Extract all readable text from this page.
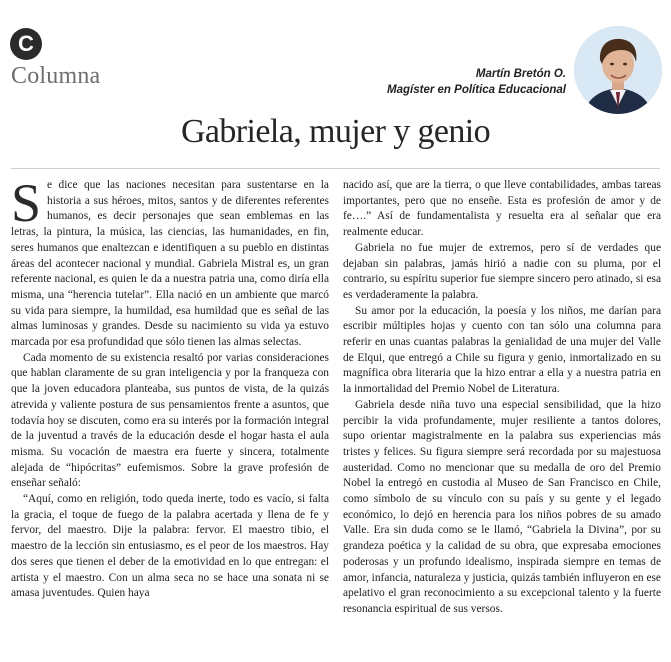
C
Columna	Martín Bretón O.
Magíster en Política Educacional
Gabriela, mujer y genio

Se dice que las naciones necesitan para sustentarse en la historia a sus héroes, mitos, santos y de diferentes referentes humanos, es decir personajes que sean emblemas en las letras, la pintura, la música, las ciencias, las humanidades, en fin, seres humanos que enaltezcan e identifiquen a su pueblo en distintas áreas del acontecer nacional y mundial. Gabriela Mistral es, un gran referente nacional, es quien le da a nuestra patria una, como diría ella misma, una “herencia tutelar”. Ella nació en un ambiente que marcó su vida para siempre, la humildad, esa humildad que es señal de las almas luminosas y grandes. Desde su nacimiento su vida ya estuvo marcada por esa profundidad que sólo tienen las almas selectas.

Cada momento de su existencia resaltó por varias consideraciones que hablan claramente de su gran inteligencia y por la franqueza con que la joven educadora planteaba, sus puntos de vista, de la quizás atrevida y valiente postura de sus pensamientos frente a asuntos, que todavía hoy se discuten, como era su interés por la formación integral de la juventud a través de la educación desde el hogar hasta el aula misma. Su vocación de maestra era fuerte y sincera, totalmente alejada de “hipócritas” eufemismos. Sobre la grave profesión de enseñar señaló:

“Aquí, como en religión, todo queda inerte, todo es vacío, si falta la gracia, el toque de fuego de la palabra acertada y llena de fe y fervor, del maestro. Dije la palabra: fervor. El maestro tibio, el maestro de la lección sin entusiasmo, es el peor de los maestros. Hay dos seres que tienen el deber de la emotividad en lo que entregan: el artista y el maestro. Con un alma seca no se hace una sonata ni se amasa juventudes. Quien haya

nacido así, que are la tierra, o que lleve contabilidades, ambas tareas importantes, pero que no enseñe. Esta es profesión de amor y de fe….” Así de fundamentalista y resuelta era al señalar que era realmente educar.

Gabriela no fue mujer de extremos, pero sí de verdades que dejaban sin palabras, jamás hirió a nadie con su pluma, por el contrario, su espíritu superior fue siempre sincero pero atinado, si esa es verdaderamente la palabra.

Su amor por la educación, la poesía y los niños, me darían para escribir múltiples hojas y cuento con tan sólo una columna para referir en unas cuantas palabras la genialidad de una mujer del Valle de Elqui, que entregó a Chile su figura y genio, inmortalizado en su magnífica obra literaria que la hizo entrar a ella y a nuestra patria en la inmortalidad del Premio Nobel de Literatura.

Gabriela desde niña tuvo una especial sensibilidad, que la hizo percibir la vida profundamente, mujer resiliente a tantos dolores, supo orientar magistralmente en la palabra sus experiencias más tristes y felices. Su figura siempre será recordada por su majestuosa austeridad. Como no mencionar que su medalla de oro del Premio Nobel la entregó en custodia al Museo de San Francisco en Chile, como símbolo de su vínculo con su país y su gente y el legado económico, lo dejó en herencia para los niños pobres de su amado Valle. Era sin duda como se le llamó, “Gabriela la Divina”, por su grandeza poética y la calidad de su obra, que expresaba emociones poderosas y un profundo idealismo, inspirada siempre en temas de amor, infancia, naturaleza y justicia, quizás también influyeron en ese apelativo el gran reconocimiento a su excepcional talento y la fuerte resonancia espiritual de sus versos.
